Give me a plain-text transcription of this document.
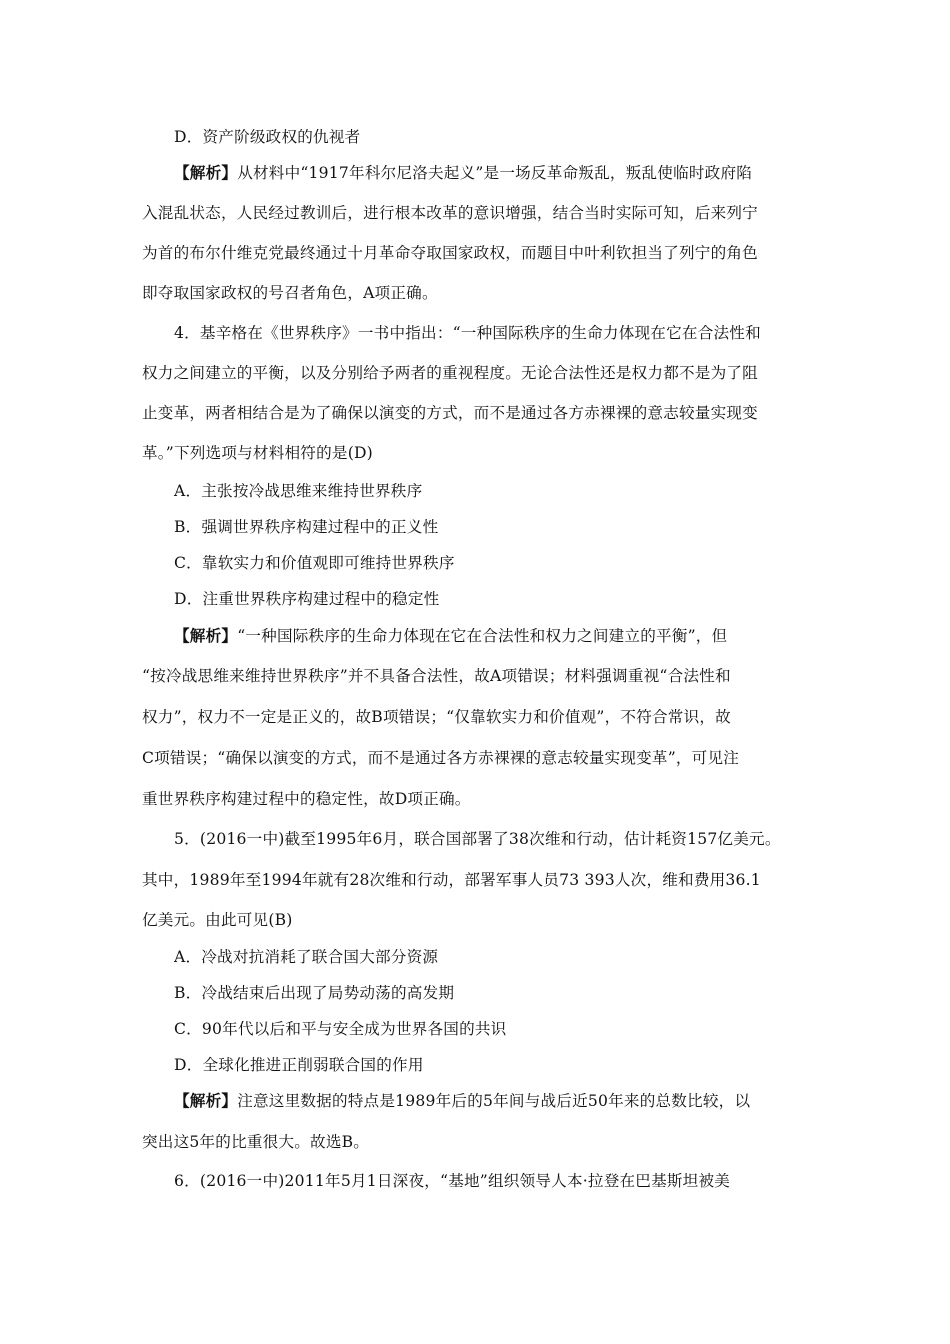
D．资产阶级政权的仇视者
【解析】从材料中“1917年科尔尼洛夫起义”是一场反革命叛乱，叛乱使临时政府陷
入混乱状态，人民经过教训后，进行根本改革的意识增强，结合当时实际可知，后来列宁
为首的布尔什维克党最终通过十月革命夺取国家政权，而题目中叶利钦担当了列宁的角色
即夺取国家政权的号召者角色，A项正确。
4．基辛格在《世界秩序》一书中指出：“一种国际秩序的生命力体现在它在合法性和
权力之间建立的平衡，以及分别给予两者的重视程度。无论合法性还是权力都不是为了阻
止变革，两者相结合是为了确保以演变的方式，而不是通过各方赤裸裸的意志较量实现变
革。”下列选项与材料相符的是(D)
A．主张按冷战思维来维持世界秩序
B．强调世界秩序构建过程中的正义性
C．靠软实力和价值观即可维持世界秩序
D．注重世界秩序构建过程中的稳定性
【解析】“一种国际秩序的生命力体现在它在合法性和权力之间建立的平衡”，但
“按冷战思维来维持世界秩序”并不具备合法性，故A项错误；材料强调重视“合法性和
权力”，权力不一定是正义的，故B项错误；“仅靠软实力和价值观”，不符合常识，故
C项错误；“确保以演变的方式，而不是通过各方赤裸裸的意志较量实现变革”，可见注
重世界秩序构建过程中的稳定性，故D项正确。
5．(2016一中)截至1995年6月，联合国部署了38次维和行动，估计耗资157亿美元。
其中，1989年至1994年就有28次维和行动，部署军事人员73 393人次，维和费用36.1
亿美元。由此可见(B)
A．冷战对抗消耗了联合国大部分资源
B．冷战结束后出现了局势动荡的高发期
C．90年代以后和平与安全成为世界各国的共识
D．全球化推进正削弱联合国的作用
【解析】注意这里数据的特点是1989年后的5年间与战后近50年来的总数比较，以
突出这5年的比重很大。故选B。
6．(2016一中)2011年5月1日深夜，“基地”组织领导人本·拉登在巴基斯坦被美
